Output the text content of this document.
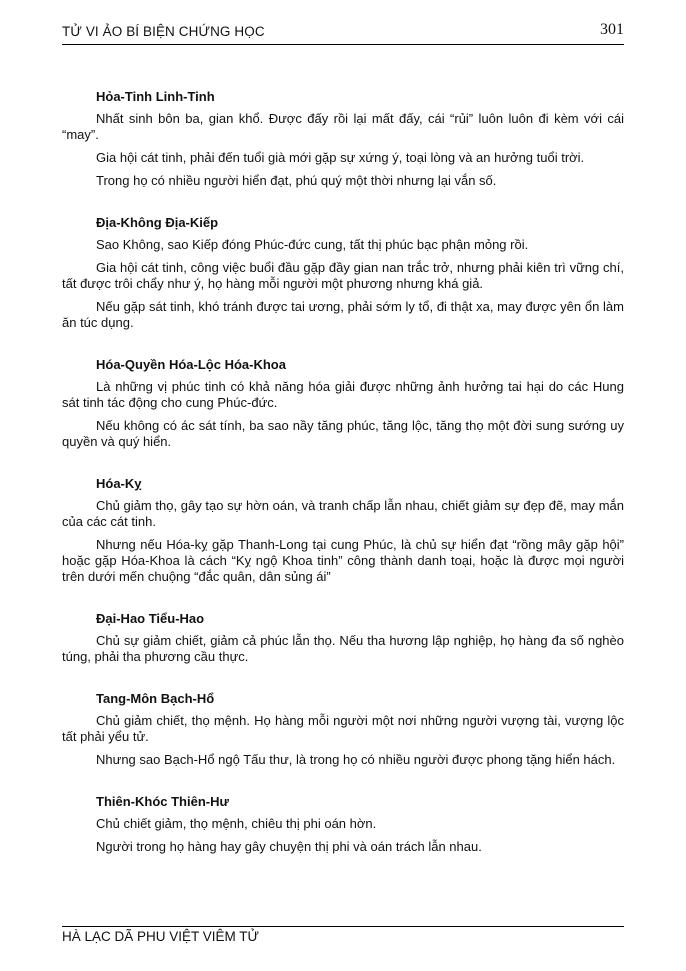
TỬ VI ẢO BÍ BIỆN CHỨNG HỌC	301
Hỏa-Tinh Linh-Tinh

Nhất sinh bôn ba, gian khổ. Được đấy rồi lại mất đấy, cái “rủi” luôn luôn đi kèm với cái “may”.

Gia hội cát tinh, phải đến tuổi già mới gặp sự xứng ý, toại lòng và an hưởng tuổi trời.

Trong họ có nhiều người hiển đạt, phú quý một thời nhưng lại vắn số.

Địa-Không Địa-Kiếp

Sao Không, sao Kiếp đóng Phúc-đức cung, tất thị phúc bạc phận mỏng rồi.

Gia hội cát tinh, công việc buổi đầu gặp đầy gian nan trắc trở, nhưng phải kiên trì vững chí, tất được trôi chẩy như ý, họ hàng mỗi người một phương nhưng khá giả.

Nếu gặp sát tinh, khó tránh được tai ương, phải sớm ly tổ, đi thật xa, may được yên ổn làm ăn túc dụng.

Hóa-Quyền Hóa-Lộc Hóa-Khoa

Là những vị phúc tinh có khả năng hóa giải được những ảnh hưởng tai hại do các Hung sát tinh tác động cho cung Phúc-đức.

Nếu không có ác sát tính, ba sao nầy tăng phúc, tăng lộc, tăng thọ một đời sung sướng uy quyền và quý hiển.

Hóa-Kỵ

Chủ giảm thọ, gây tạo sự hờn oán, và tranh chấp lẫn nhau, chiết giảm sự đẹp đẽ, may mắn của các cát tinh.

Nhưng nếu Hóa-kỵ gặp Thanh-Long tại cung Phúc, là chủ sự hiển đạt “rồng mây gặp hội” hoặc gặp Hóa-Khoa là cách “Kỵ ngộ Khoa tinh” công thành danh toại, hoặc là được mọi người trên dưới mến chuộng “đắc quân, dân sủng ái”

Đại-Hao Tiểu-Hao

Chủ sự giảm chiết, giảm cả phúc lẫn thọ. Nếu tha hương lập nghiệp, họ hàng đa số nghèo túng, phải tha phương cầu thực.

Tang-Môn Bạch-Hổ

Chủ giảm chiết, thọ mệnh. Họ hàng mỗi người một nơi những người vượng tài, vượng lộc tất phải yểu tử.

Nhưng sao Bạch-Hổ ngộ Tấu thư, là trong họ có nhiều người được phong tặng hiển hách.

Thiên-Khóc Thiên-Hư

Chủ chiết giảm, thọ mệnh, chiêu thị phi oán hờn.

Người trong họ hàng hay gây chuyện thị phi và oán trách lẫn nhau.

HÀ LẠC DÃ PHU VIỆT VIÊM TỬ
